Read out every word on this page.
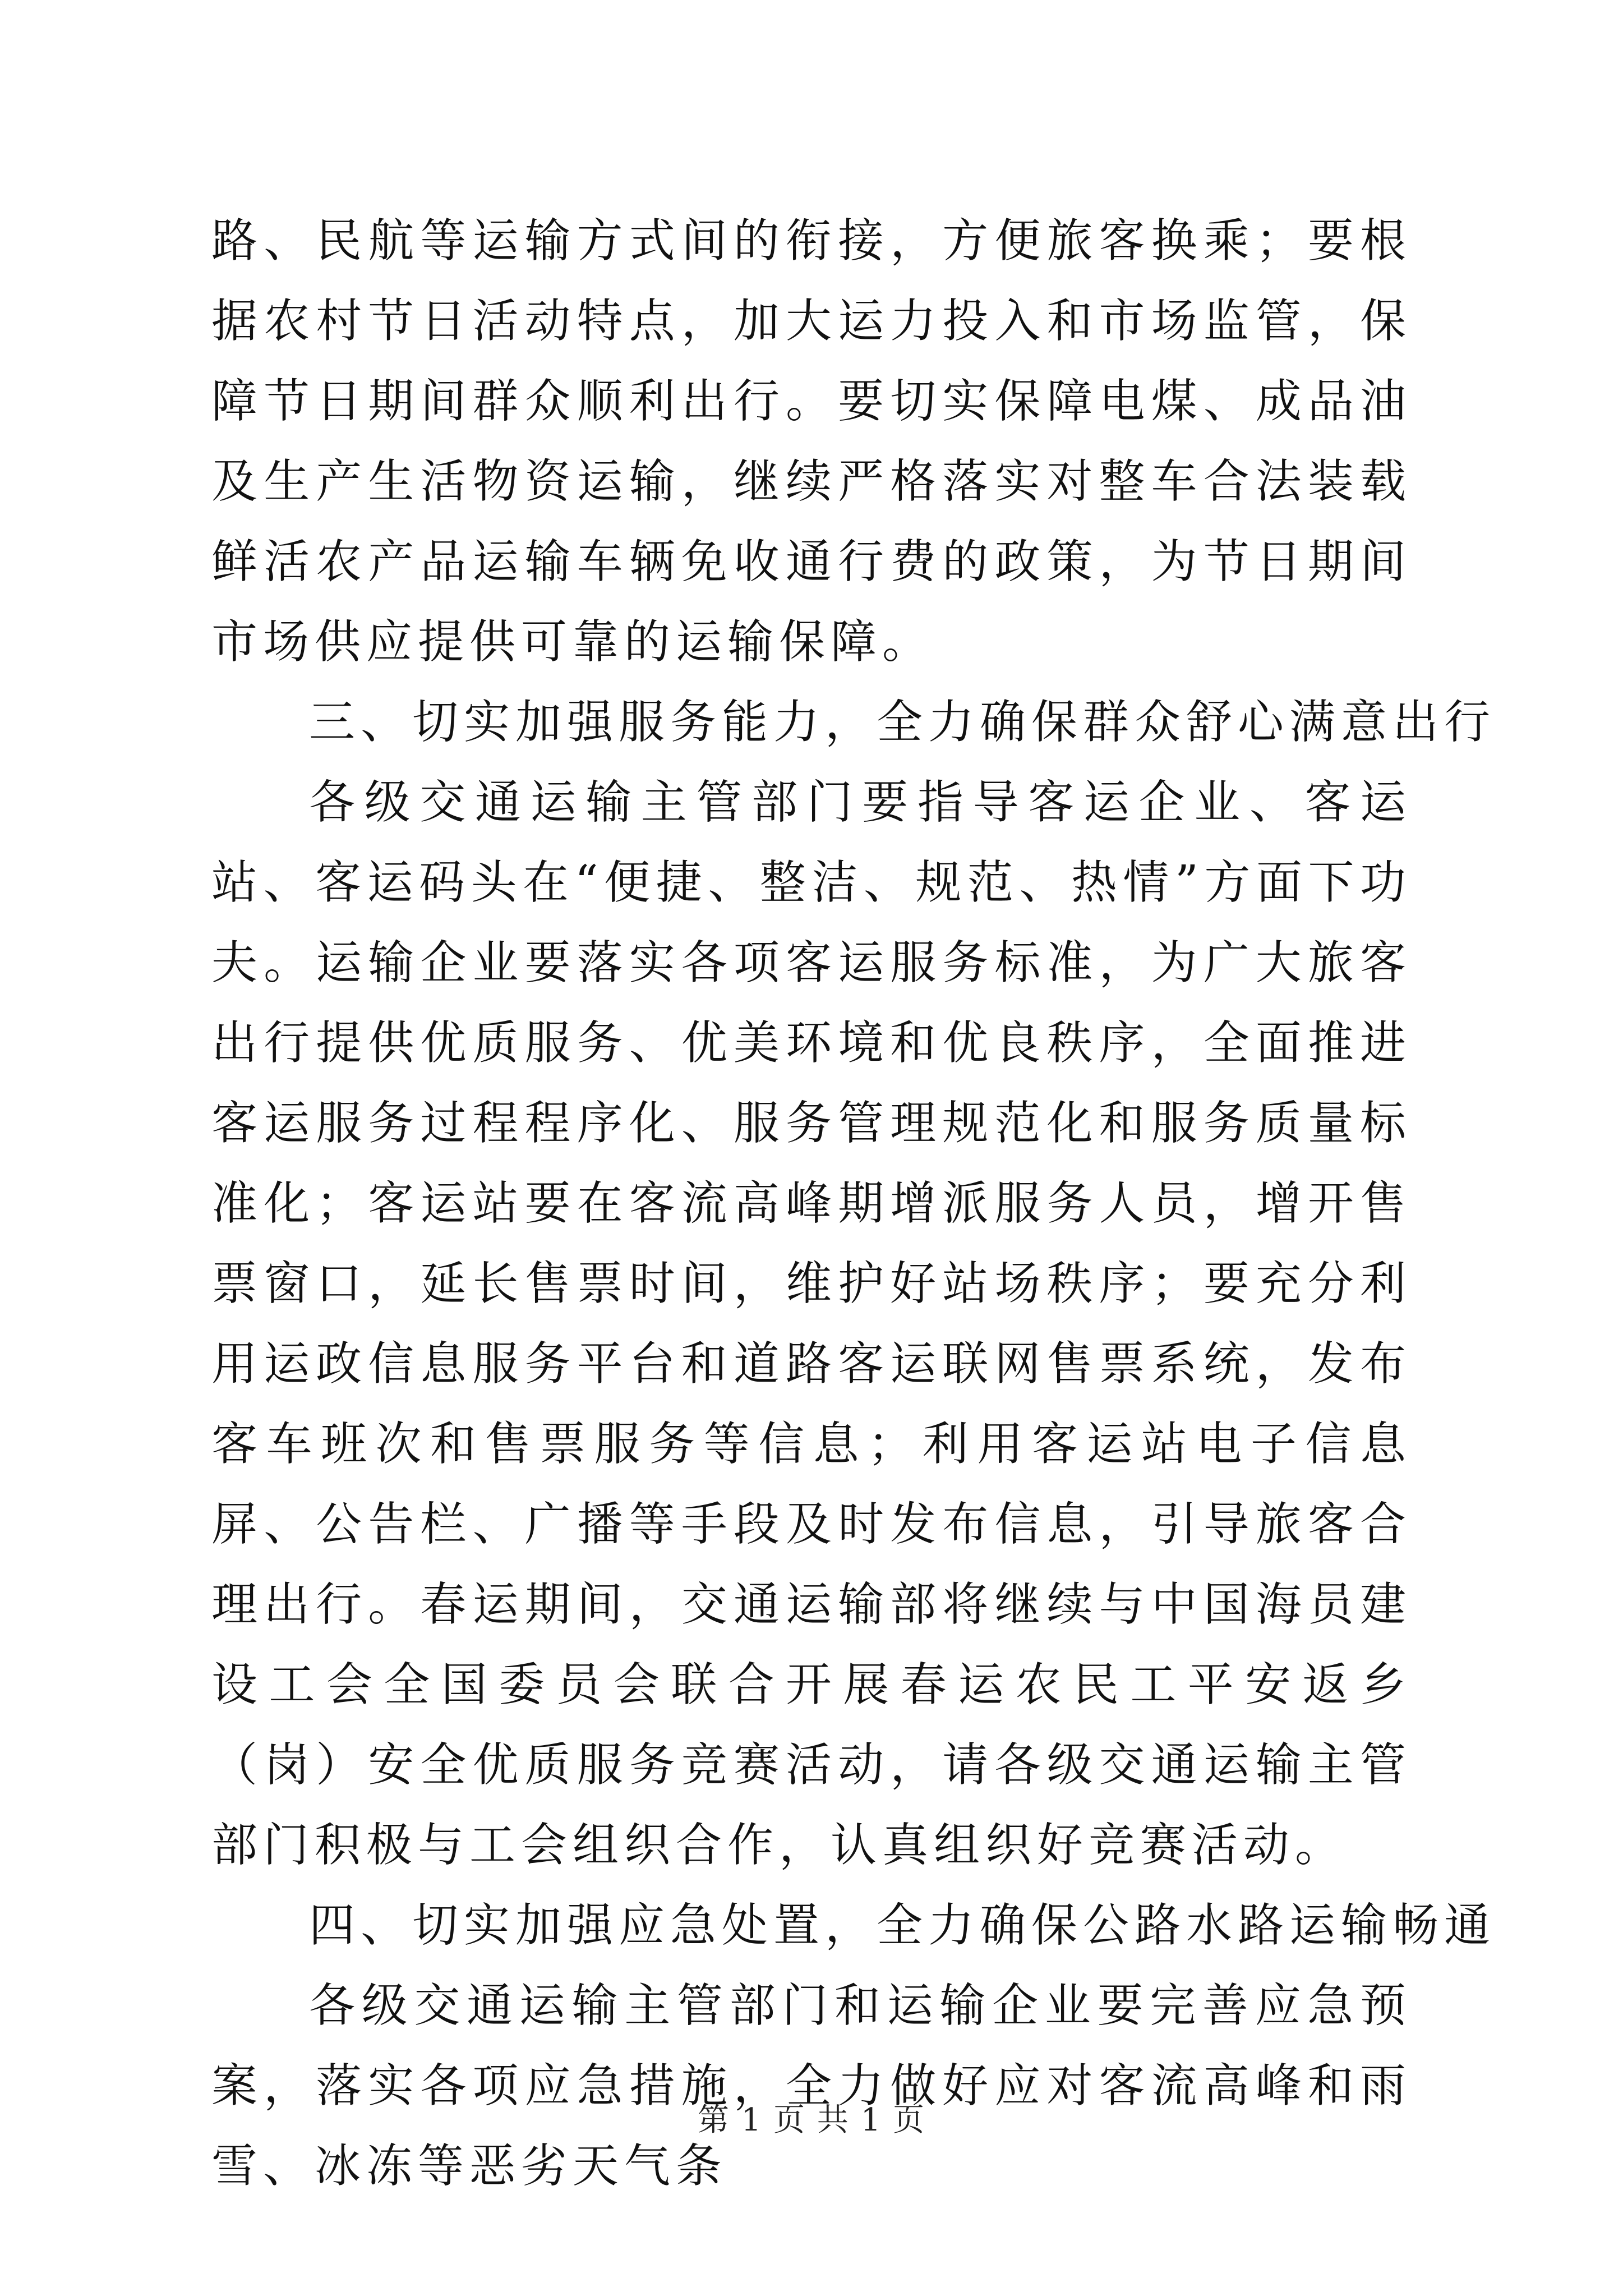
路、民航等运输方式间的衔接，方便旅客换乘；要根据农村节日活动特点，加大运力投入和市场监管，保障节日期间群众顺利出行。要切实保障电煤、成品油及生产生活物资运输，继续严格落实对整车合法装载鲜活农产品运输车辆免收通行费的政策，为节日期间市场供应提供可靠的运输保障。

三、切实加强服务能力，全力确保群众舒心满意出行

各级交通运输主管部门要指导客运企业、客运站、客运码头在“便捷、整洁、规范、热情”方面下功夫。运输企业要落实各项客运服务标准，为广大旅客出行提供优质服务、优美环境和优良秩序，全面推进客运服务过程程序化、服务管理规范化和服务质量标准化；客运站要在客流高峰期增派服务人员，增开售票窗口，延长售票时间，维护好站场秩序；要充分利用运政信息服务平台和道路客运联网售票系统，发布客车班次和售票服务等信息；利用客运站电子信息屏、公告栏、广播等手段及时发布信息，引导旅客合理出行。春运期间，交通运输部将继续与中国海员建设工会全国委员会联合开展春运农民工平安返乡（岗）安全优质服务竞赛活动，请各级交通运输主管部门积极与工会组织合作，认真组织好竞赛活动。

四、切实加强应急处置，全力确保公路水路运输畅通

各级交通运输主管部门和运输企业要完善应急预案，落实各项应急措施，全力做好应对客流高峰和雨雪、冰冻等恶劣天气条

第 1 页 共 1 页
